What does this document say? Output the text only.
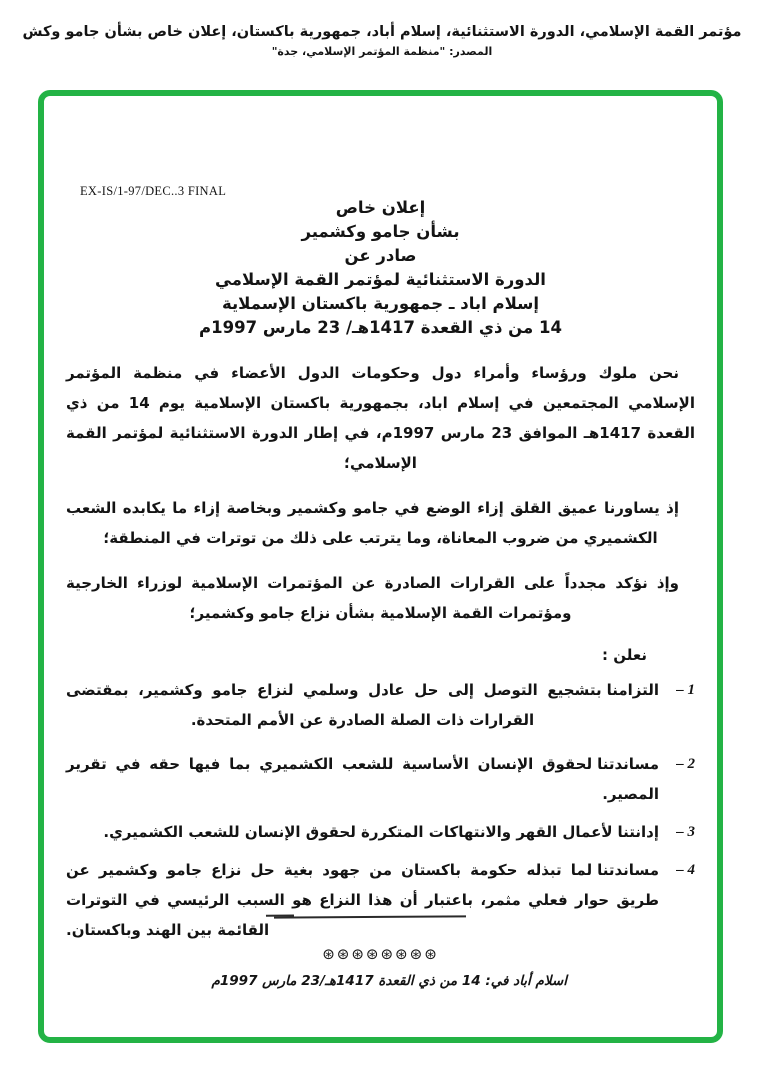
مؤتمر القمة الإسلامي، الدورة الاستثنائية، إسلام أباد، جمهورية باكستان، إعلان خاص بشأن جامو وكش
المصدر: "منظمة المؤتمر الإسلامي، جدة"
EX-IS/1-97/DEC..3 FINAL
إعلان خاص
بشأن جامو وكشمير
صادر عن
الدورة الاستثنائية لمؤتمر القمة الإسلامي
إسلام اباد ـ جمهورية باكستان الإسملاية
14 من ذي القعدة 1417هـ/ 23 مارس 1997م

نحن ملوك ورؤساء وأمراء دول وحكومات الدول الأعضاء في منظمة المؤتمر الإسلامي المجتمعين في إسلام اباد، بجمهورية باكستان الإسلامية يوم 14 من ذي القعدة 1417هـ الموافق 23 مارس 1997م، في إطار الدورة الاستثنائية لمؤتمر القمة الإسلامي؛

إذ يساورنا عميق القلق إزاء الوضع في جامو وكشمير وبخاصة إزاء ما يكابده الشعب الكشميري من ضروب المعاناة، وما يترتب على ذلك من توترات في المنطقة؛

وإذ نؤكد مجدداً على القرارات الصادرة عن المؤتمرات الإسلامية لوزراء الخارجية ومؤتمرات القمة الإسلامية بشأن نزاع جامو وكشمير؛

نعلن :
1 –
التزامنابتشجيع التوصل إلى حل عادل وسلمي لنزاع جامو وكشمير، بمقتضى القرارات ذات الصلة الصادرة عن الأمم المتحدة.
2 –
مساندتنالحقوق الإنسان الأساسية للشعب الكشميري بما فيها حقه في تقرير المصير.
3 –
إدانتنالأعمال القهر والانتهاكات المتكررة لحقوق الإنسان للشعب الكشميري.
4 –
مساندتنالما تبذله حكومة باكستان من جهود بغية حل نزاع جامو وكشمير عن طريق حوار فعلي مثمر، باعتبار أن هذا النزاع هو السبب الرئيسي في التوترات القائمة بين الهند وباكستان.
⊛⊛⊛⊛⊛⊛⊛⊛
اسلام أباد في: 14 من ذي القعدة 1417هـ/23 مارس 1997م
